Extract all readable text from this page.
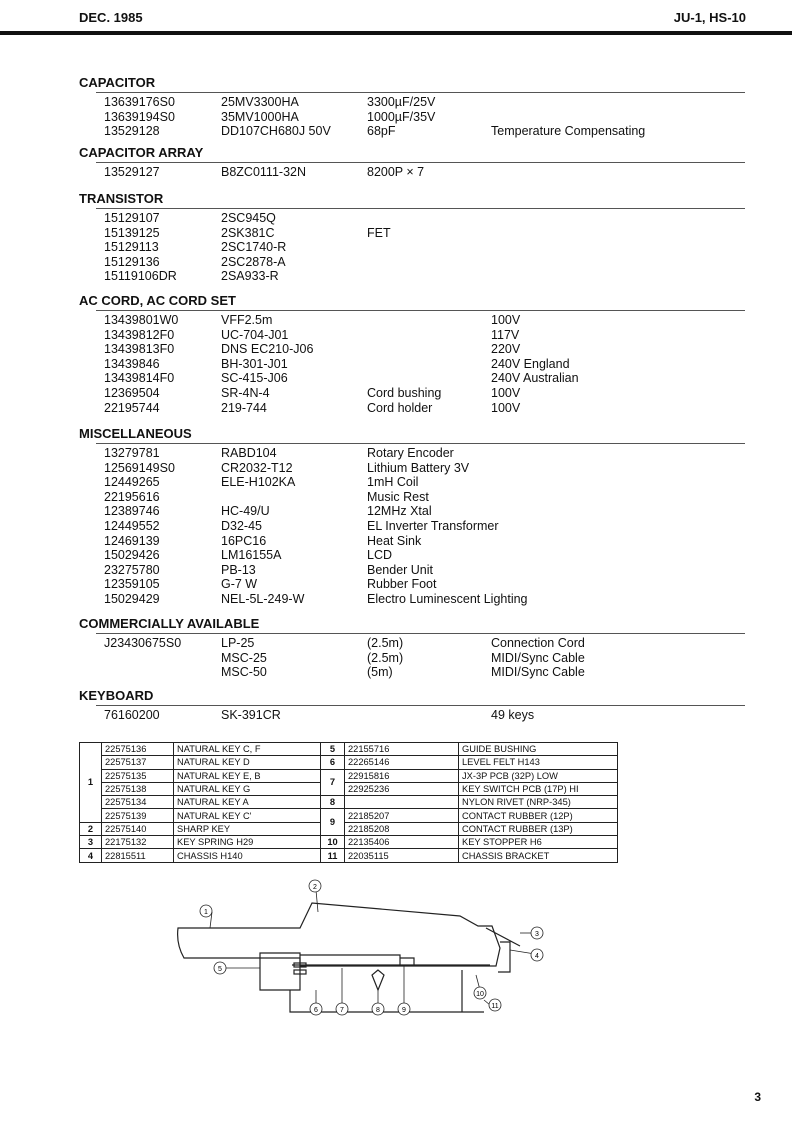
DEC. 1985	JU-1, HS-10
CAPACITOR
13639176S0	25MV3300HA	3300µF/25V
13639194S0	35MV1000HA	1000µF/35V
13529128	DD107CH680J 50V	68pF	Temperature Compensating
CAPACITOR ARRAY
13529127	B8ZC0111-32N	8200P × 7
TRANSISTOR
15129107	2SC945Q
15139125	2SK381C	FET
15129113	2SC1740-R
15129136	2SC2878-A
15119106DR	2SA933-R
AC CORD, AC CORD SET
13439801W0	VFF2.5m	100V
13439812F0	UC-704-J01	117V
13439813F0	DNS EC210-J06	220V
13439846	BH-301-J01	240V England
13439814F0	SC-415-J06	240V Australian
12369504	SR-4N-4	Cord bushing	100V
22195744	219-744	Cord holder	100V
MISCELLANEOUS
13279781	RABD104	Rotary Encoder
12569149S0	CR2032-T12	Lithium Battery 3V
12449265	ELE-H102KA	1mH Coil
22195616	Music Rest
12389746	HC-49/U	12MHz Xtal
12449552	D32-45	EL Inverter Transformer
12469139	16PC16	Heat Sink
15029426	LM16155A	LCD
23275780	PB-13	Bender Unit
12359105	G-7 W	Rubber Foot
15029429	NEL-5L-249-W	Electro Luminescent Lighting
COMMERCIALLY AVAILABLE
J23430675S0	LP-25	(2.5m)	Connection Cord
MSC-25	(2.5m)	MIDI/Sync Cable
MSC-50	(5m)	MIDI/Sync Cable
KEYBOARD
76160200	SK-391CR	49 keys
1	22575136	NATURAL KEY C, F	5	22155716	GUIDE BUSHING
	22575137	NATURAL KEY D	6	22265146	LEVEL FELT H143
	22575135	NATURAL KEY E, B	7	22915816	JX-3P PCB (32P) LOW
	22575138	NATURAL KEY G		22925236	KEY SWITCH PCB (17P) HI
	22575134	NATURAL KEY A	8		NYLON RIVET (NRP-345)
	22575139	NATURAL KEY C'	9	22185207	CONTACT RUBBER (12P)
2	22575140	SHARP KEY		22185208	CONTACT RUBBER (13P)
3	22175132	KEY SPRING H29	10	22135406	KEY STOPPER H6
4	22815511	CHASSIS H140	11	22035115	CHASSIS BRACKET
1
2
3
4
5
6	7	8	9
10
11
3
